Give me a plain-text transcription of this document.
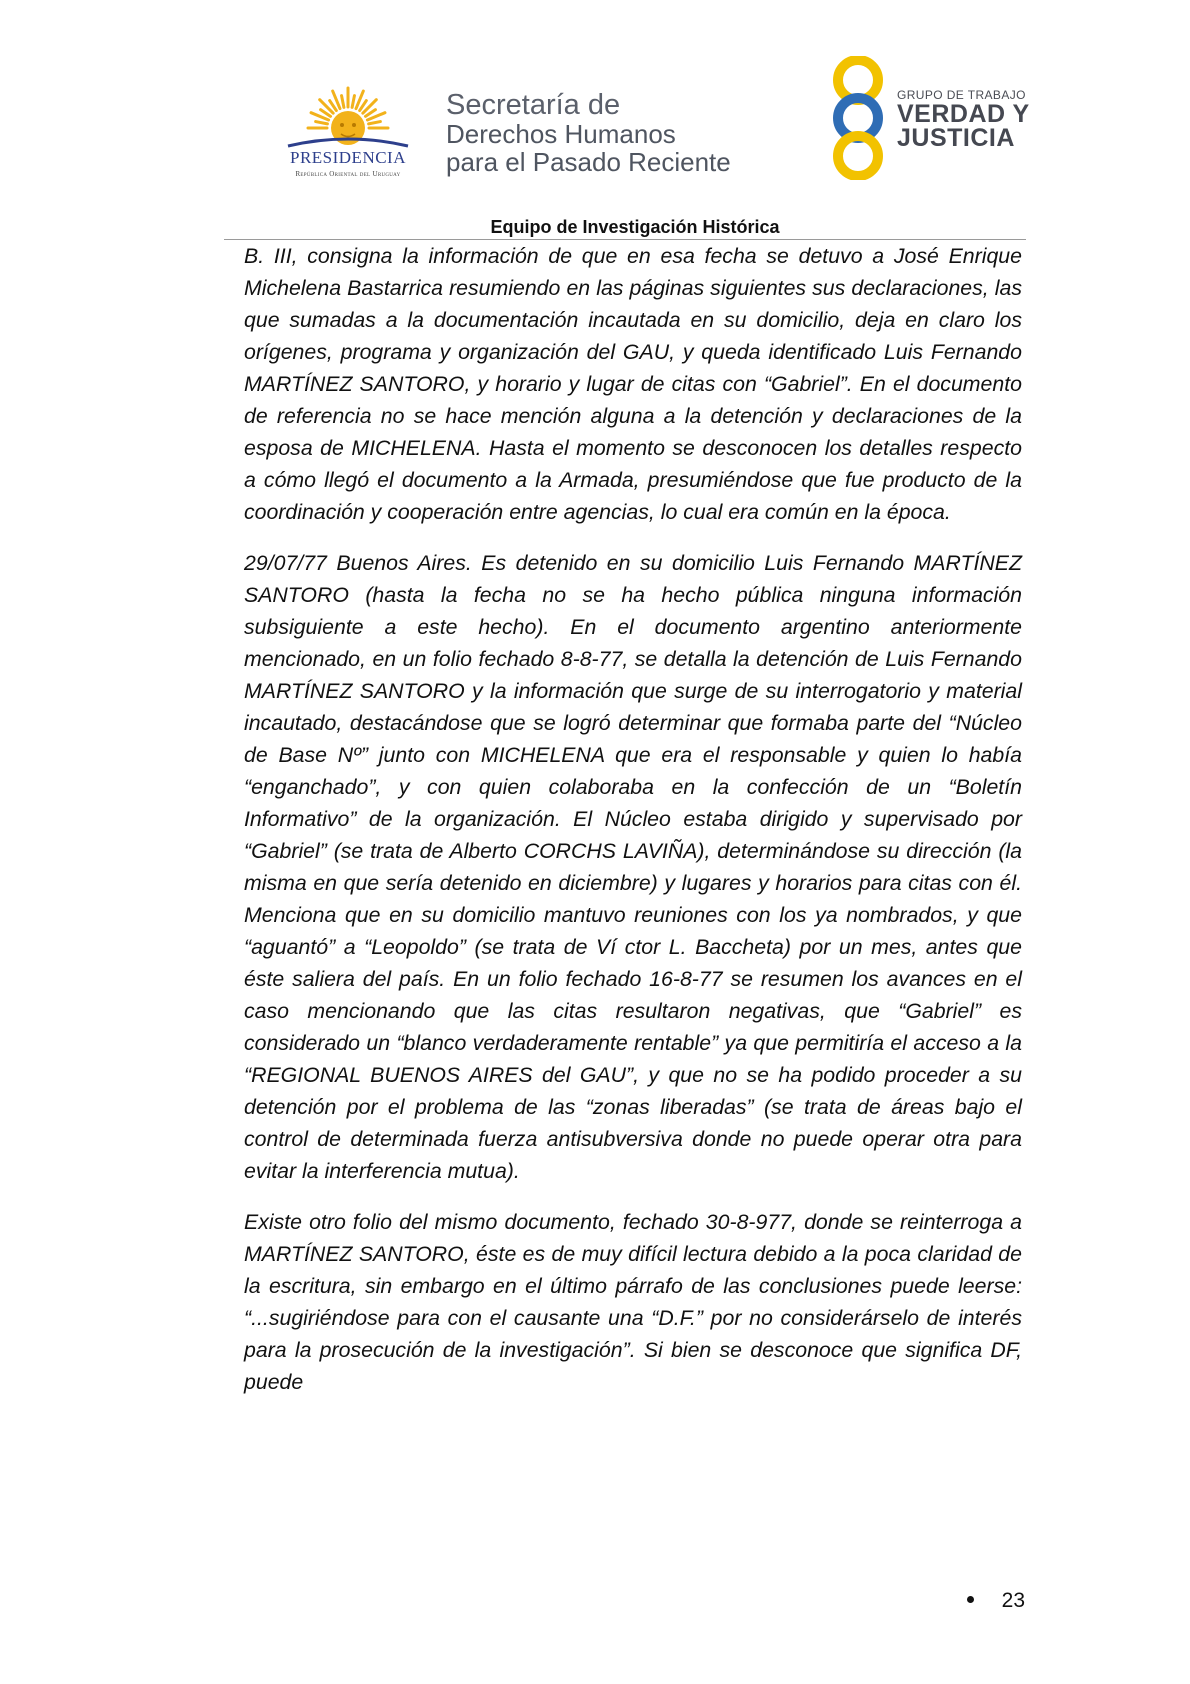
PRESIDENCIA
República Oriental del Uruguay
Secretaría de
Derechos Humanos
para el Pasado Reciente
GRUPO DE TRABAJO
VERDAD Y
JUSTICIA
Equipo de Investigación Histórica

B. III, consigna la información de que en esa fecha se detuvo a José Enrique Michelena Bastarrica resumiendo en las páginas siguientes sus declaraciones, las que sumadas a la documentación incautada en su domicilio, deja en claro los orígenes, programa y organización del GAU, y queda identificado Luis Fernando MARTÍNEZ SANTORO, y horario y lugar de citas con “Gabriel”. En el documento de referencia no se hace mención alguna a la detención y declaraciones de la esposa de MICHELENA. Hasta el momento se desconocen los detalles respecto a cómo llegó el documento a la Armada, presumiéndose que fue producto de la coordinación y cooperación entre agencias, lo cual era común en la época.

29/07/77 Buenos Aires. Es detenido en su domicilio Luis Fernando MARTÍNEZ SANTORO (hasta la fecha no se ha hecho pública ninguna información subsiguiente a este hecho). En el documento argentino anteriormente mencionado, en un folio fechado 8-8-77, se detalla la detención de Luis Fernando MARTÍNEZ SANTORO y la información que surge de su interrogatorio y material incautado, destacándose que se logró determinar que formaba parte del “Núcleo de Base Nº” junto con MICHELENA que era el responsable y quien lo había “enganchado”, y con quien colaboraba en la confección de un “Boletín Informativo” de la organización. El Núcleo estaba dirigido y supervisado por “Gabriel” (se trata de Alberto CORCHS LAVIÑA), determinándose su dirección (la misma en que sería detenido en diciembre) y lugares y horarios para citas con él. Menciona que en su domicilio mantuvo reuniones con los ya nombrados, y que “aguantó” a “Leopoldo” (se trata de Ví ctor L. Baccheta) por un mes, antes que éste saliera del país. En un folio fechado 16-8-77 se resumen los avances en el caso mencionando que las citas resultaron negativas, que “Gabriel” es considerado un “blanco verdaderamente rentable” ya que permitiría el acceso a la “REGIONAL BUENOS AIRES del GAU”, y que no se ha podido proceder a su detención por el problema de las “zonas liberadas” (se trata de áreas bajo el control de determinada fuerza antisubversiva donde no puede operar otra para evitar la interferencia mutua).

Existe otro folio del mismo documento, fechado 30-8-977, donde se reinterroga a MARTÍNEZ SANTORO, éste es de muy difícil lectura debido a la poca claridad de la escritura, sin embargo en el último párrafo de las conclusiones puede leerse: “...sugiriéndose para con el causante una “D.F.” por no considerárselo de interés para la prosecución de la investigación”. Si bien se desconoce que significa DF, puede

23
